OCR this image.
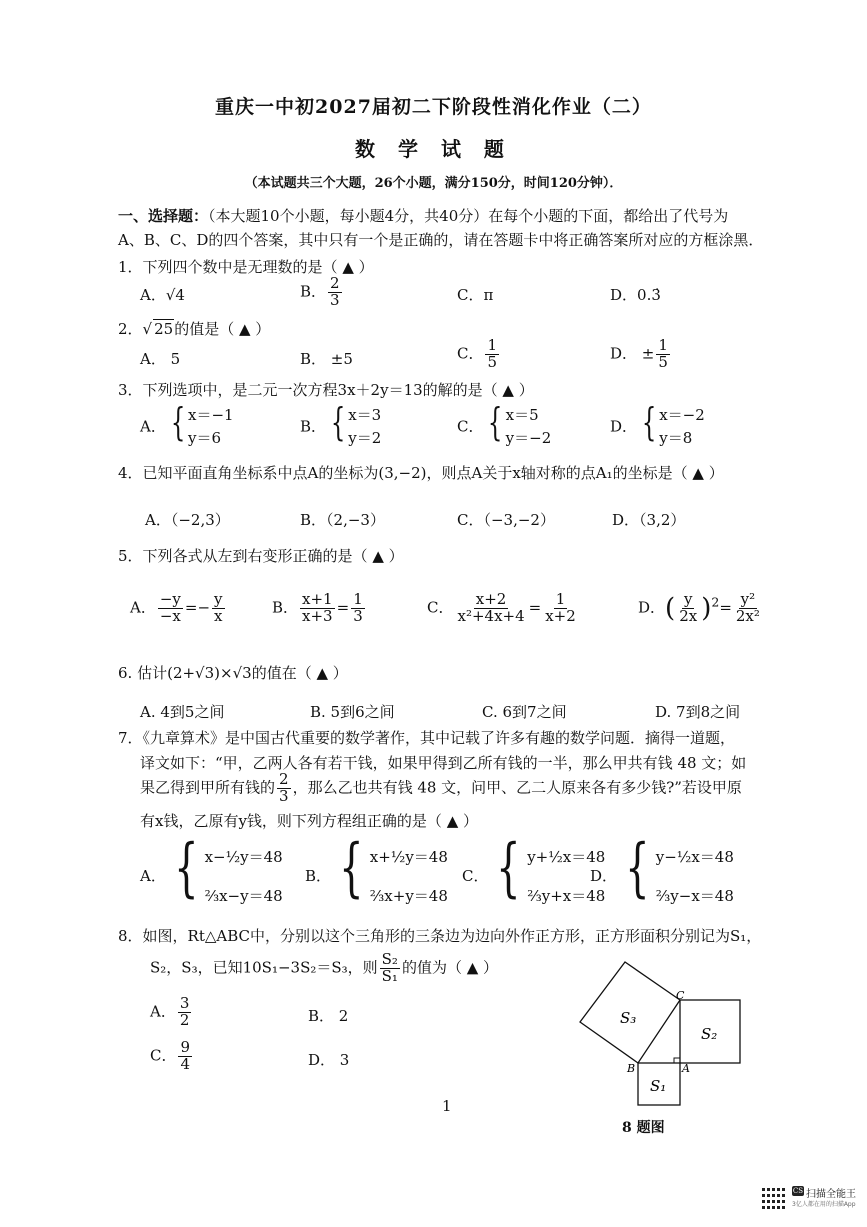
重庆一中初2027届初二下阶段性消化作业（二）
数 学 试 题
（本试题共三个大题，26个小题，满分150分，时间120分钟）．
一、选择题：（本大题10个小题，每小题4分，共40分）在每个小题的下面，都给出了代号为
A、B、C、D的四个答案，其中只有一个是正确的，请在答题卡中将正确答案所对应的方框涂黑．
1．下列四个数中是无理数的是（ ▲ ）
A．√4	B． $\frac{2}{3}$	C．π	D．0.3̇
2．√ 25的值是（ ▲ ）
A． 5	B． ±5	C． $\frac{1}{5}$	D． ± $\frac{1}{5}$
3．下列选项中，是二元一次方程3x＋2y＝13的解的是（ ▲ ）
A． { x＝−1
y＝6
B． { x＝3
y＝2
C． { x＝5
y＝−2
D． { x＝−2
y＝8
4．已知平面直角坐标系中点A的坐标为(3,−2)，则点A关于x轴对称的点A₁的坐标是（ ▲ ）
A．（−2,3）	B．（2,−3）	C．（−3,−2）	D．（3,2）
5．下列各式从左到右变形正确的是（ ▲ ）
A． $\frac{-y}{-x} =- \frac{y}{x}$	B． $\frac{x+1}{x+3} = \frac{1}{3}$	C． $\frac{x+2}{\text{x²+4x+4}} = \frac{1}{x+2}$	D．( $\frac{y}{2x} )^2= \frac{\text{y²}}{\text{2x²}}$
6. 估计(2+√3)×√3的值在（ ▲ ）
A. 4到5之间	B. 5到6之间	C. 6到7之间	D. 7到8之间
7．《九章算术》是中国古代重要的数学著作，其中记载了许多有趣的数学问题．摘得一道题，
译文如下：“甲，乙两人各有若干钱，如果甲得到乙所有钱的一半，那么甲共有钱 48 文；如
果乙得到甲所有钱的 $\frac{2}{3}$ ，那么乙也共有钱 48 文，问甲、乙二人原来各有多少钱?”若设甲原
有x钱，乙原有y钱，则下列方程组正确的是（ ▲ ）
A． { x−½y＝48
⅔x−y＝48
B． { x+½y＝48
⅔x+y＝48
C． { y+½x＝48
⅔y+x＝48
D． { y−½x＝48
⅔y−x＝48
8．如图，Rt△ABC中，分别以这个三角形的三条边为边向外作正方形，正方形面积分别记为S₁，
S₂，S₃，已知10S₁−3S₂＝S₃，则 $\frac{\text{S₂}}{\text{S₁}}$ 的值为（ ▲ ）
A． $\frac{3}{2}$	B． 2
C． $\frac{9}{4}$	D． 3
S₃
S₂
S₁
C
B	A
8 题图
1
CS 扫描全能王
3亿人都在用的扫描App
